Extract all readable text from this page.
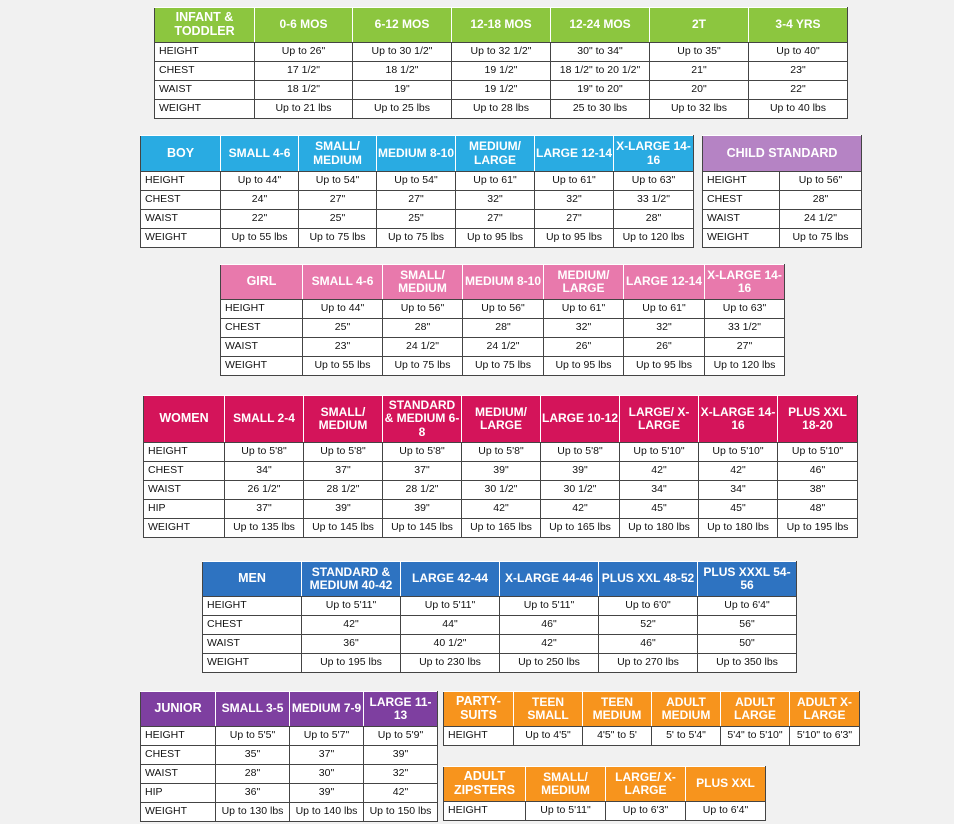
INFANT & TODDLER	0-6 MOS	6-12 MOS	12-18 MOS	12-24 MOS	2T	3-4 YRS
HEIGHT	Up to 26"	Up to 30 1/2"	Up to 32 1/2"	30" to 34"	Up to 35"	Up to 40"
CHEST	17 1/2"	18 1/2"	19 1/2"	18 1/2" to 20 1/2"	21"	23"
WAIST	18 1/2"	19"	19 1/2"	19" to 20"	20"	22"
WEIGHT	Up to 21 lbs	Up to 25 lbs	Up to 28 lbs	25 to 30 lbs	Up to 32 lbs	Up to 40 lbs
BOY	SMALL 4-6	SMALL/ MEDIUM	MEDIUM 8-10	MEDIUM/ LARGE	LARGE 12-14	X-LARGE 14-16
HEIGHT	Up to 44"	Up to 54"	Up to 54"	Up to 61"	Up to 61"	Up to 63"
CHEST	24"	27"	27"	32"	32"	33 1/2"
WAIST	22"	25"	25"	27"	27"	28"
WEIGHT	Up to 55 lbs	Up to 75 lbs	Up to 75 lbs	Up to 95 lbs	Up to 95 lbs	Up to 120 lbs
CHILD STANDARD	
HEIGHT	Up to 56"
CHEST	28"
WAIST	24 1/2"
WEIGHT	Up to 75 lbs
GIRL	SMALL 4-6	SMALL/ MEDIUM	MEDIUM 8-10	MEDIUM/ LARGE	LARGE 12-14	X-LARGE 14-16
HEIGHT	Up to 44"	Up to 56"	Up to 56"	Up to 61"	Up to 61"	Up to 63"
CHEST	25"	28"	28"	32"	32"	33 1/2"
WAIST	23"	24 1/2"	24 1/2"	26"	26"	27"
WEIGHT	Up to 55 lbs	Up to 75 lbs	Up to 75 lbs	Up to 95 lbs	Up to 95 lbs	Up to 120 lbs
WOMEN	SMALL 2-4	SMALL/ MEDIUM	STANDARD & MEDIUM 6-8	MEDIUM/ LARGE	LARGE 10-12	LARGE/ X-LARGE	X-LARGE 14-16	PLUS XXL 18-20
HEIGHT	Up to 5'8"	Up to 5'8"	Up to 5'8"	Up to 5'8"	Up to 5'8"	Up to 5'10"	Up to 5'10"	Up to 5'10"
CHEST	34"	37"	37"	39"	39"	42"	42"	46"
WAIST	26 1/2"	28 1/2"	28 1/2"	30 1/2"	30 1/2"	34"	34"	38"
HIP	37"	39"	39"	42"	42"	45"	45"	48"
WEIGHT	Up to 135 lbs	Up to 145 lbs	Up to 145 lbs	Up to 165 lbs	Up to 165 lbs	Up to 180 lbs	Up to 180 lbs	Up to 195 lbs
MEN	STANDARD & MEDIUM 40-42	LARGE 42-44	X-LARGE 44-46	PLUS XXL 48-52	PLUS XXXL 54-56
HEIGHT	Up to 5'11"	Up to 5'11"	Up to 5'11"	Up to 6'0"	Up to 6'4"
CHEST	42"	44"	46"	52"	56"
WAIST	36"	40 1/2"	42"	46"	50"
WEIGHT	Up to 195 lbs	Up to 230 lbs	Up to 250 lbs	Up to 270 lbs	Up to 350 lbs
JUNIOR	SMALL 3-5	MEDIUM 7-9	LARGE 11-13
HEIGHT	Up to 5'5"	Up to 5'7"	Up to 5'9"
CHEST	35"	37"	39"
WAIST	28"	30"	32"
HIP	36"	39"	42"
WEIGHT	Up to 130 lbs	Up to 140 lbs	Up to 150 lbs
PARTY- SUITS	TEEN SMALL	TEEN MEDIUM	ADULT MEDIUM	ADULT LARGE	ADULT X-LARGE
HEIGHT	Up to 4'5"	4'5" to 5'	5' to 5'4"	5'4" to 5'10"	5'10" to 6'3"
ADULT ZIPSTERS	SMALL/ MEDIUM	LARGE/ X-LARGE	PLUS XXL
HEIGHT	Up to 5'11"	Up to 6'3"	Up to 6'4"
